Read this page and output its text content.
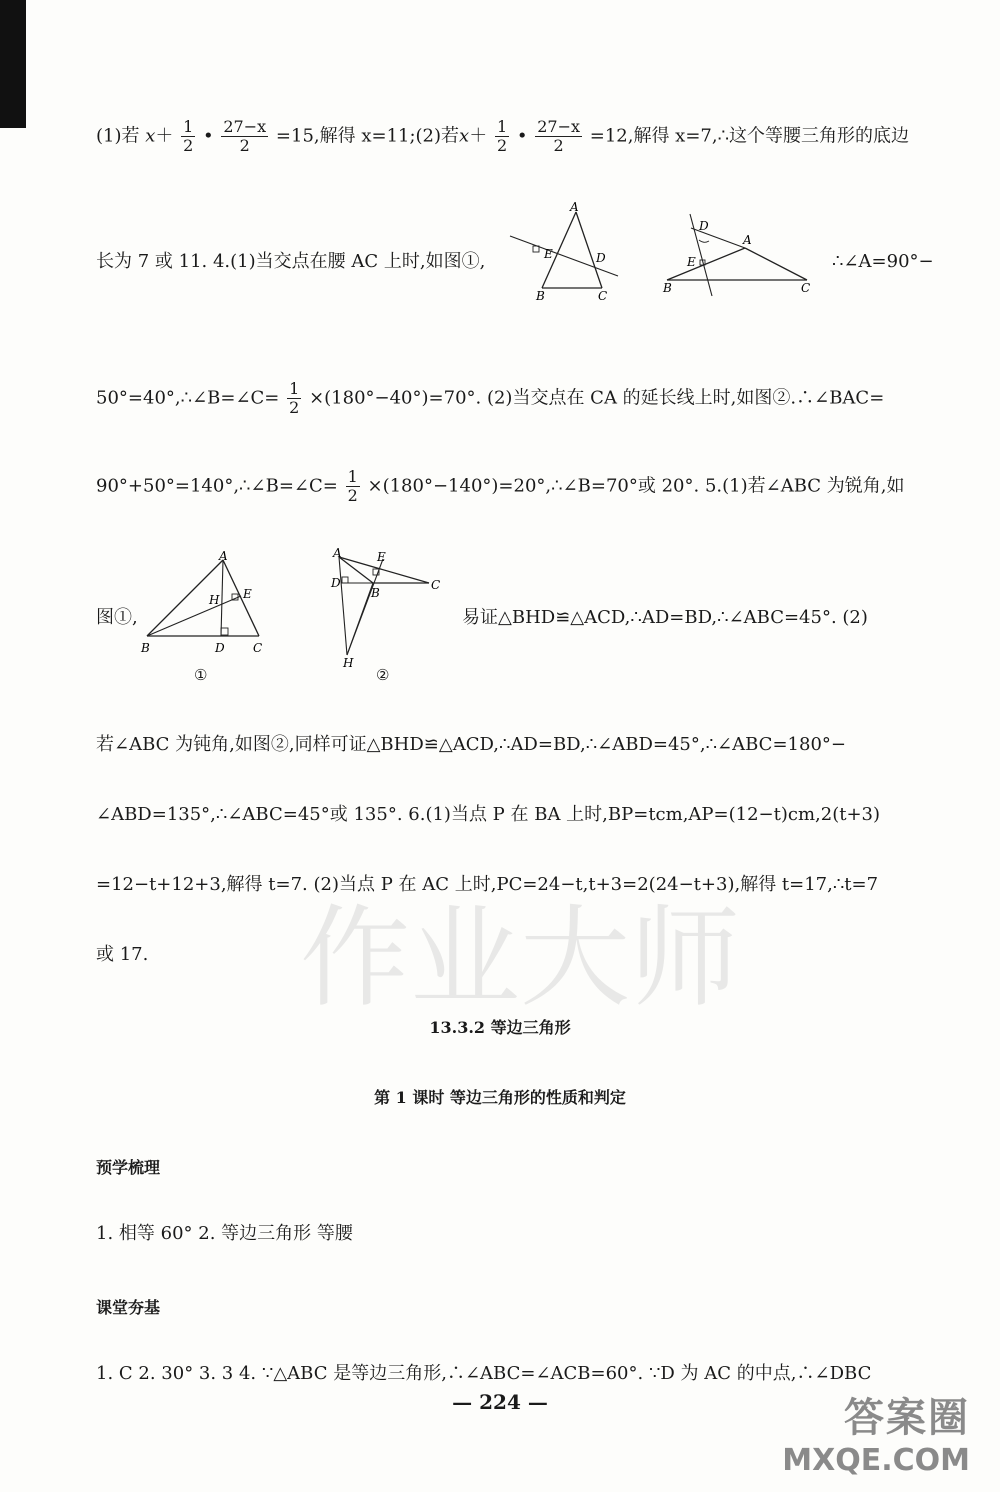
作业大师
(1)若 $x+ \frac{1}{2}$ • $\frac{27-x}{2} =15$,解得 x=11;(2)若$x+ \frac{1}{2}$ • $\frac{27-x}{2} =12$,解得 x=7,∴这个等腰三角形的底边
长为 7 或 11. 4.(1)当交点在腰 AC 上时,如图①,	∴∠A=90°−
A
E	D
B	C
D
A
E
B	C
50°=40°,∴∠B=∠C= $\frac{1}{2} \times(180^\circ-40^\circ)=70^\circ$. (2)当交点在 CA 的延长线上时,如图②.∴∠BAC=
90°+50°=140°,∴∠B=∠C= $\frac{1}{2}$ ×(180°−140°)=20°,∴∠B=70°或 20°. 5.(1)若∠ABC 为锐角,如
图①,	易证△BHD≌△ACD,∴AD=BD,∴∠ABC=45°. (2)
A
H E
B	D C
①
A	E
D
B
C
H
②
若∠ABC 为钝角,如图②,同样可证△BHD≌△ACD,∴AD=BD,∴∠ABD=45°,∴∠ABC=180°−
∠ABD=135°,∴∠ABC=45°或 135°. 6.(1)当点 P 在 BA 上时,BP=tcm,AP=(12−t)cm,2(t+3)
=12−t+12+3,解得 t=7. (2)当点 P 在 AC 上时,PC=24−t,t+3=2(24−t+3),解得 t=17,∴t=7
或 17.
13.3.2 等边三角形
第 1 课时 等边三角形的性质和判定
预学梳理
1. 相等 60° 2. 等边三角形 等腰
课堂夯基
1. C 2. 30° 3. 3 4. ∵△ABC 是等边三角形,∴∠ABC=∠ACB=60°. ∵D 为 AC 的中点,∴∠DBC
— 224 —	答案圈
MXQE.COM
